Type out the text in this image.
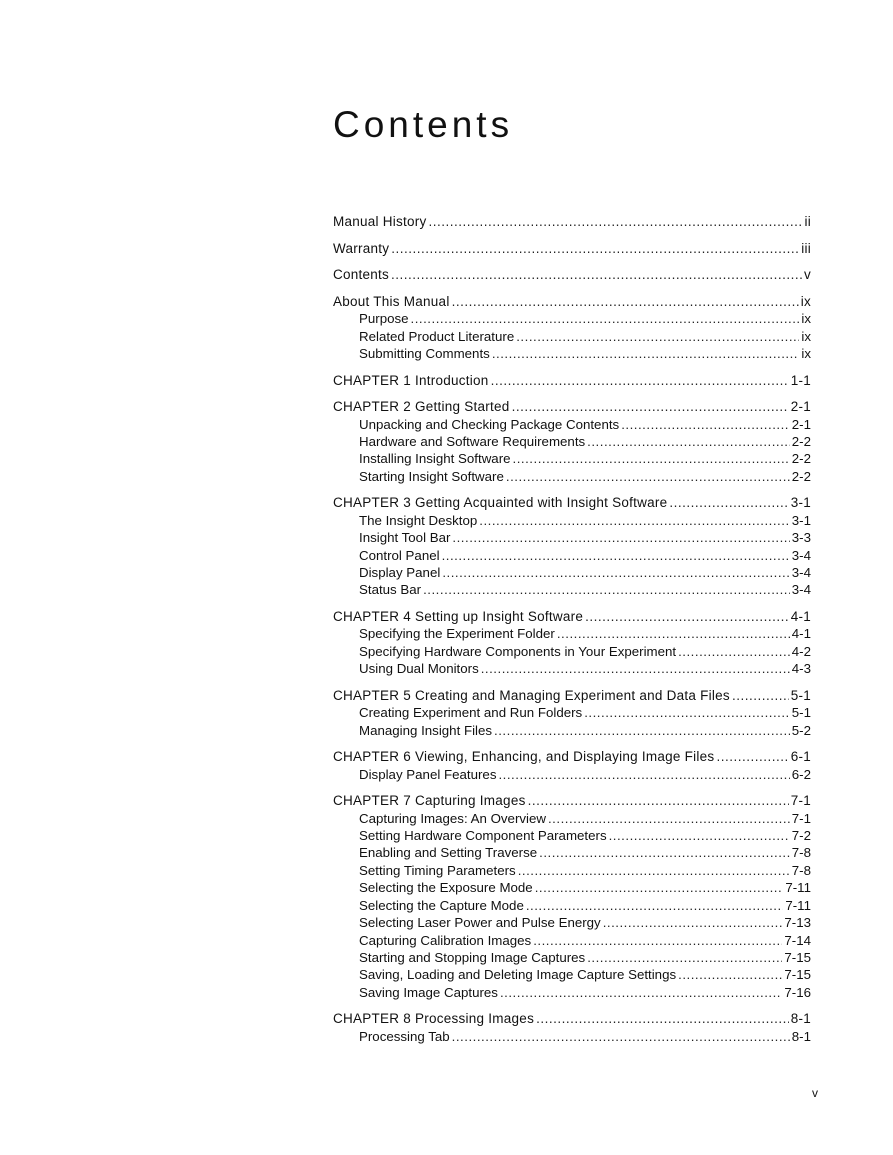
Contents
Manual History .....	ii
Warranty .....	iii
Contents .....	v
About This Manual .....	ix
Purpose .....	ix
Related Product Literature .....	ix
Submitting Comments .....	ix
CHAPTER 1 Introduction .....	1-1
CHAPTER 2 Getting Started .....	2-1
Unpacking and Checking Package Contents .....	2-1
Hardware and Software Requirements .....	2-2
Installing Insight Software .....	2-2
Starting Insight Software .....	2-2
CHAPTER 3 Getting Acquainted with Insight Software .....	3-1
The Insight Desktop .....	3-1
Insight Tool Bar .....	3-3
Control Panel .....	3-4
Display Panel .....	3-4
Status Bar .....	3-4
CHAPTER 4 Setting up Insight Software .....	4-1
Specifying the Experiment Folder .....	4-1
Specifying Hardware Components in Your Experiment .....	4-2
Using Dual Monitors .....	4-3
CHAPTER 5 Creating and Managing Experiment and Data Files .....	5-1
Creating Experiment and Run Folders .....	5-1
Managing Insight Files .....	5-2
CHAPTER 6 Viewing, Enhancing, and Displaying Image Files .....	6-1
Display Panel Features .....	6-2
CHAPTER 7 Capturing Images .....	7-1
Capturing Images: An Overview .....	7-1
Setting Hardware Component Parameters .....	7-2
Enabling and Setting Traverse .....	7-8
Setting Timing Parameters .....	7-8
Selecting the Exposure Mode .....	7-11
Selecting the Capture Mode .....	7-11
Selecting Laser Power and Pulse Energy .....	7-13
Capturing Calibration Images .....	7-14
Starting and Stopping Image Captures .....	7-15
Saving, Loading and Deleting Image Capture Settings .....	7-15
Saving Image Captures .....	7-16
CHAPTER 8 Processing Images .....	8-1
Processing Tab .....	8-1
v
